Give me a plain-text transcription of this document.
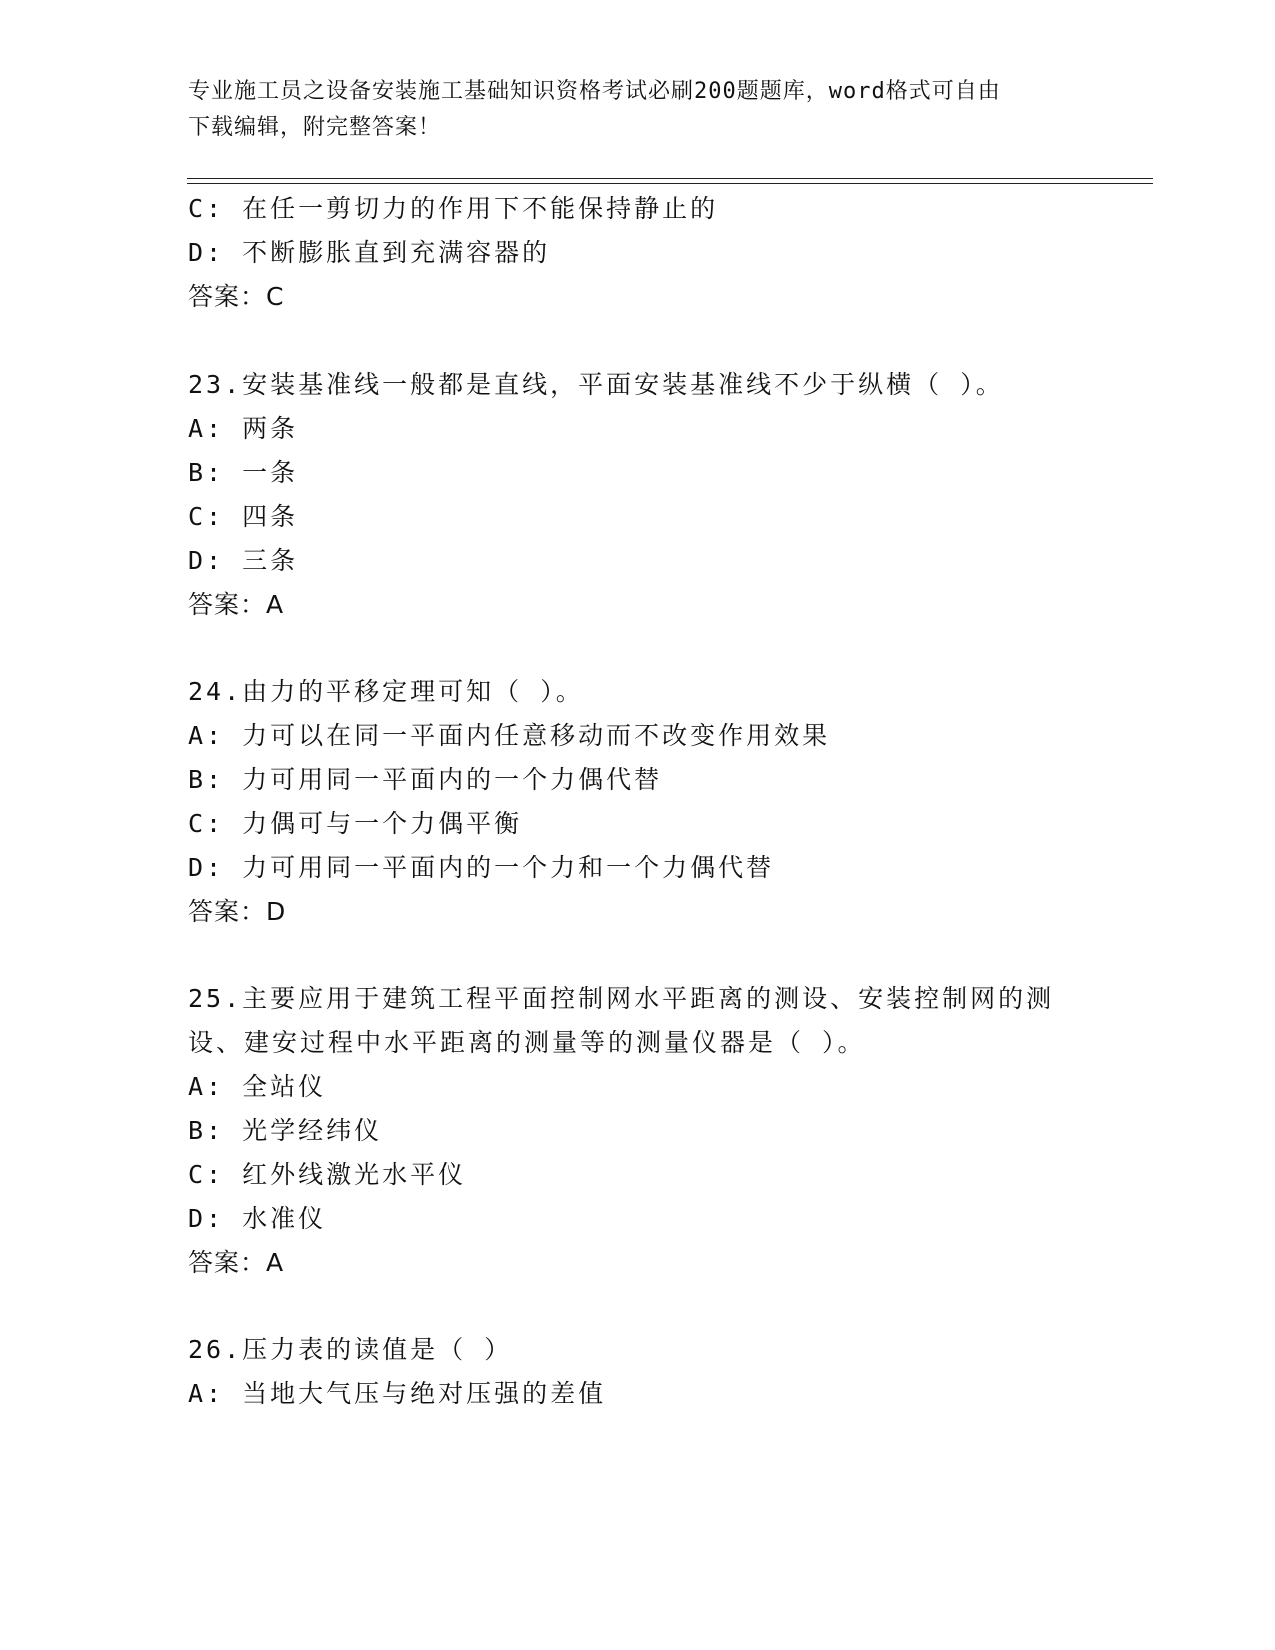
专业施工员之设备安装施工基础知识资格考试必刷200题题库，word格式可自由
下载编辑，附完整答案！
C: 在任一剪切力的作用下不能保持静止的
D: 不断膨胀直到充满容器的
答案：C
23.安装基准线一般都是直线，平面安装基准线不少于纵横（ ）。
A: 两条
B: 一条
C: 四条
D: 三条
答案：A
24.由力的平移定理可知（ ）。
A: 力可以在同一平面内任意移动而不改变作用效果
B: 力可用同一平面内的一个力偶代替
C: 力偶可与一个力偶平衡
D: 力可用同一平面内的一个力和一个力偶代替
答案：D
25.主要应用于建筑工程平面控制网水平距离的测设、安装控制网的测
设、建安过程中水平距离的测量等的测量仪器是（ ）。
A: 全站仪
B: 光学经纬仪
C: 红外线激光水平仪
D: 水准仪
答案：A
26.压力表的读值是（ ）
A: 当地大气压与绝对压强的差值
